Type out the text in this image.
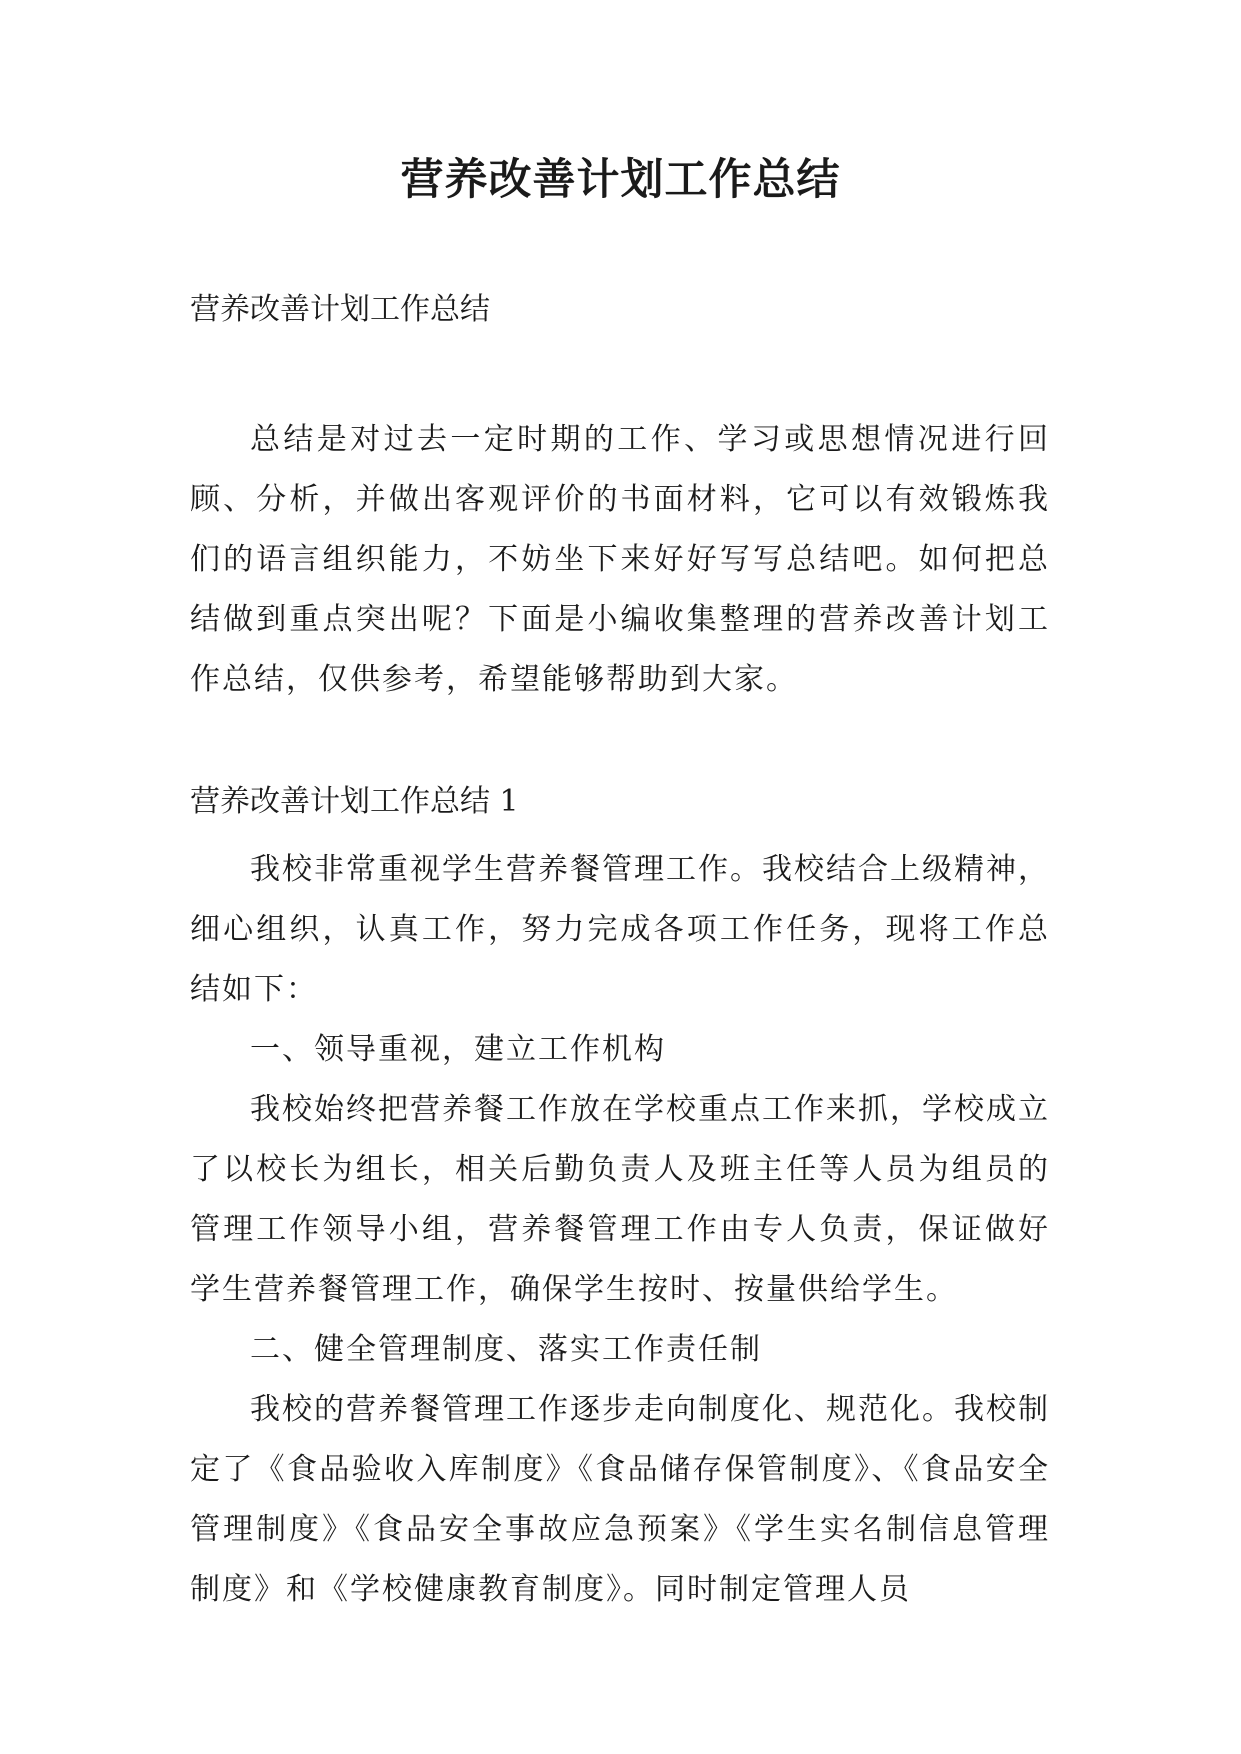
营养改善计划工作总结

营养改善计划工作总结

总结是对过去一定时期的工作、学习或思想情况进行回顾、分析，并做出客观评价的书面材料，它可以有效锻炼我们的语言组织能力，不妨坐下来好好写写总结吧。如何把总结做到重点突出呢？下面是小编收集整理的营养改善计划工作总结，仅供参考，希望能够帮助到大家。

营养改善计划工作总结 1

我校非常重视学生营养餐管理工作。我校结合上级精神，细心组织，认真工作，努力完成各项工作任务，现将工作总结如下：

一、领导重视，建立工作机构

我校始终把营养餐工作放在学校重点工作来抓，学校成立了以校长为组长，相关后勤负责人及班主任等人员为组员的管理工作领导小组，营养餐管理工作由专人负责，保证做好学生营养餐管理工作，确保学生按时、按量供给学生。

二、健全管理制度、落实工作责任制

我校的营养餐管理工作逐步走向制度化、规范化。我校制定了《食品验收入库制度》《食品储存保管制度》、《食品安全管理制度》《食品安全事故应急预案》《学生实名制信息管理制度》和《学校健康教育制度》。同时制定管理人员
